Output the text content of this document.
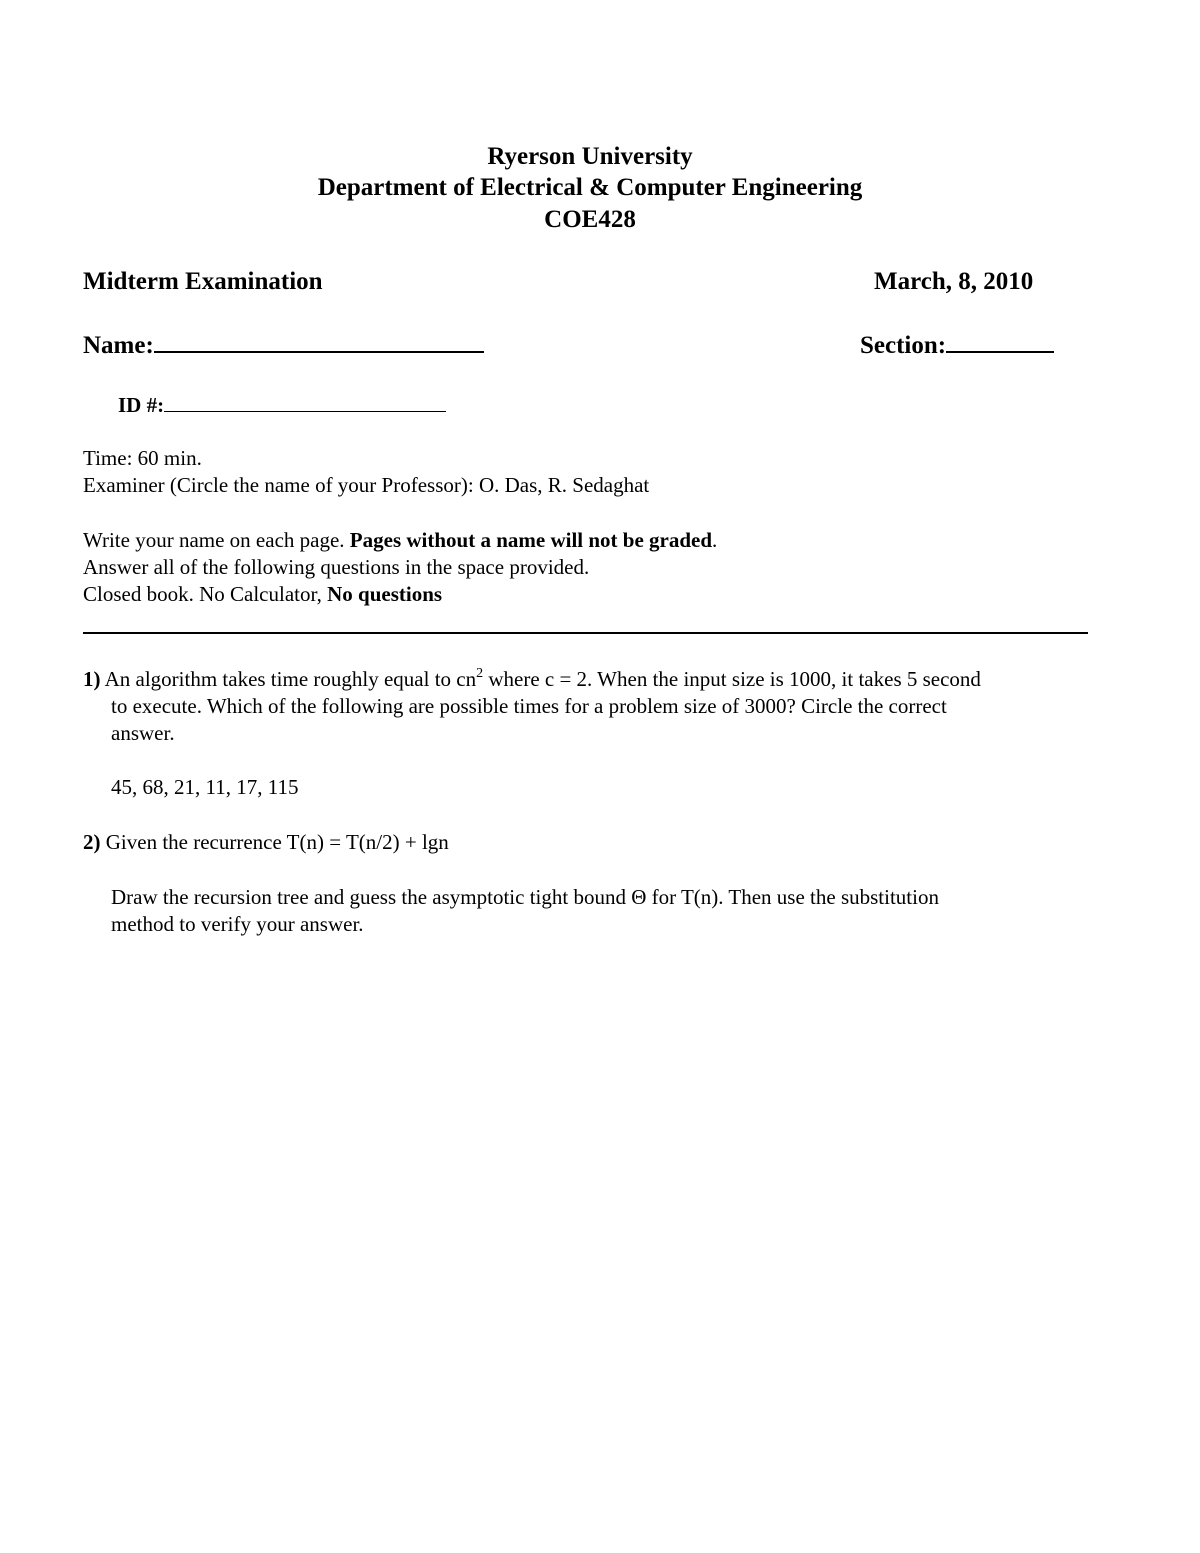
Ryerson University
Department of Electrical & Computer Engineering
COE428
Midterm Examination	March, 8, 2010
Name:	Section:
ID #:
Time: 60 min.
Examiner (Circle the name of your Professor): O. Das, R. Sedaghat
Write your name on each page. Pages without a name will not be graded.
Answer all of the following questions in the space provided.
Closed book. No Calculator, No questions
1) An algorithm takes time roughly equal to $cn^2$ where c = 2. When the input size is 1000, it takes 5 second
to execute. Which of the following are possible times for a problem size of 3000? Circle the correct
answer.
45, 68, 21, 11, 17, 115
2) Given the recurrence T(n) = T(n/2) + lgn
Draw the recursion tree and guess the asymptotic tight bound Θ for T(n). Then use the substitution
method to verify your answer.
